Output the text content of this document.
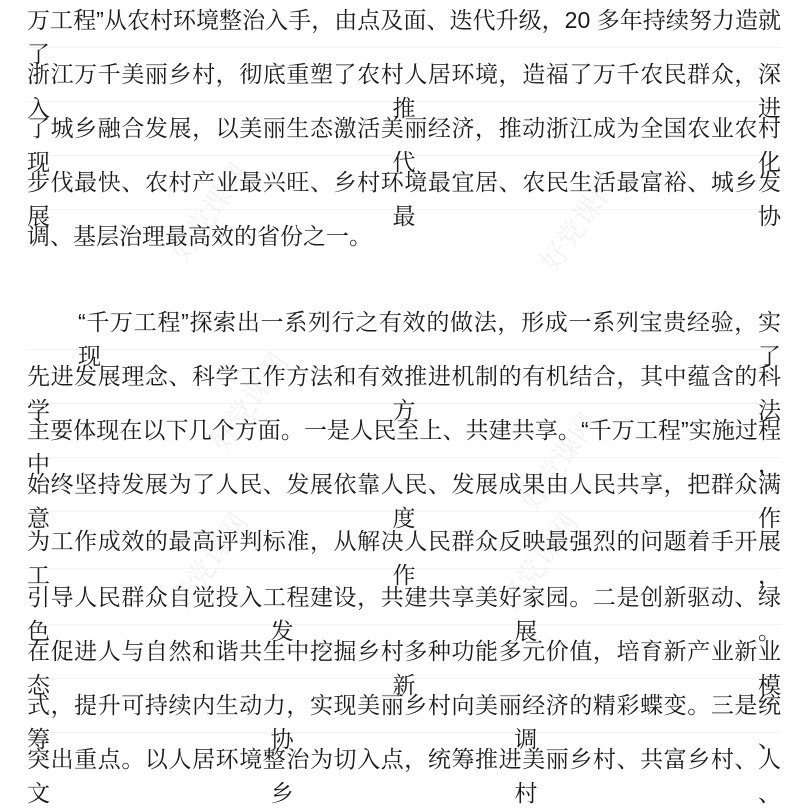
好党课网	好党课网
好党课网
好党课网
好党课网	好党课网
万工程”从农村环境整治入手，由点及面、迭代升级，20 多年持续努力造就了
浙江万千美丽乡村，彻底重塑了农村人居环境，造福了万千农民群众，深入推进
了城乡融合发展，以美丽生态激活美丽经济，推动浙江成为全国农业农村现代化
步伐最快、农村产业最兴旺、乡村环境最宜居、农民生活最富裕、城乡发展最协
调、基层治理最高效的省份之一。
“千万工程”探索出一系列行之有效的做法，形成一系列宝贵经验，实现了
先进发展理念、科学工作方法和有效推进机制的有机结合，其中蕴含的科学方法
主要体现在以下几个方面。一是人民至上、共建共享。“千万工程”实施过程中，
始终坚持发展为了人民、发展依靠人民、发展成果由人民共享，把群众满意度作
为工作成效的最高评判标准，从解决人民群众反映最强烈的问题着手开展工作，
引导人民群众自觉投入工程建设，共建共享美好家园。二是创新驱动、绿色发展。
在促进人与自然和谐共生中挖掘乡村多种功能多元价值，培育新产业新业态新模
式，提升可持续内生动力，实现美丽乡村向美丽经济的精彩蝶变。三是统筹协调、
突出重点。以人居环境整治为切入点，统筹推进美丽乡村、共富乡村、人文乡村、
